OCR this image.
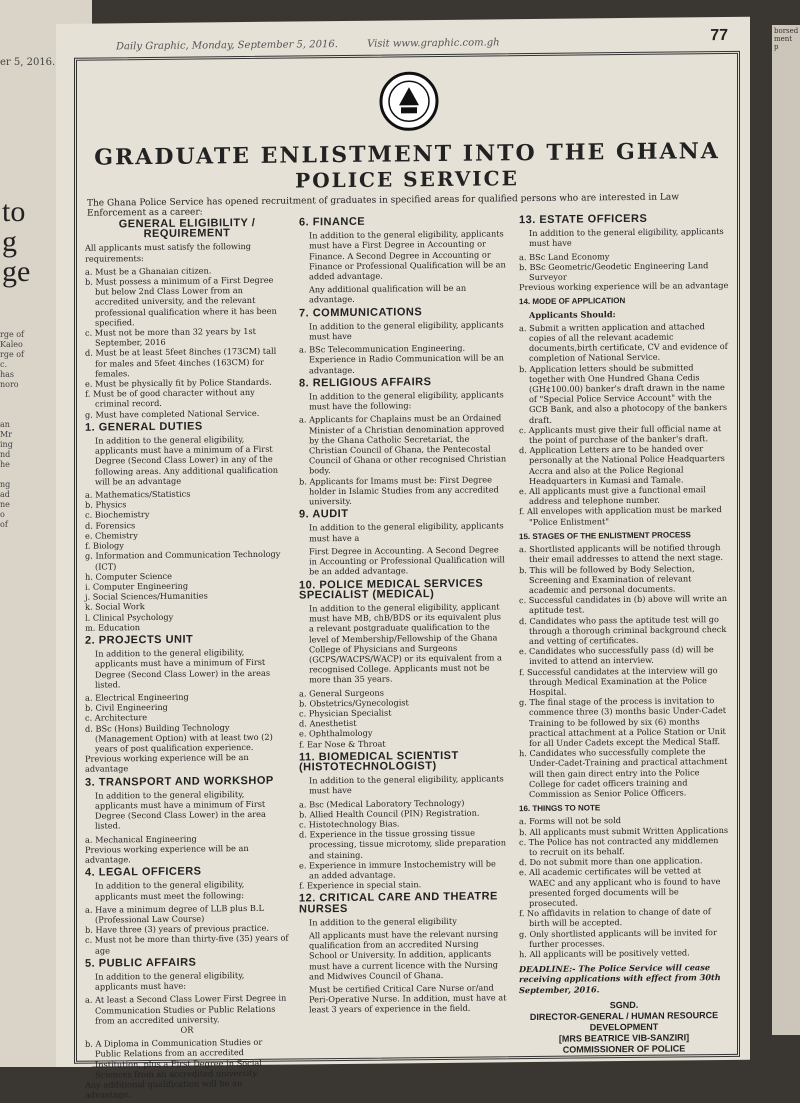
er 5, 2016.
to
g
ge
rge of
Kaleo
rge of
c.
has
noro
an
Mr
ing
nd
he
ng
ad
ne
o
of
borsed ment p
Daily Graphic, Monday, September 5, 2016.	Visit www.graphic.com.gh	77
GRADUATE ENLISTMENT INTO THE GHANA
POLICE SERVICE
The Ghana Police Service has opened recruitment of graduates in specified areas for qualified persons who are interested in Law Enforcement as a career:
GENERAL ELIGIBILITY / REQUIREMENT

All applicants must satisfy the following requirements:

a. Must be a Ghanaian citizen.

b. Must possess a minimum of a First Degree but below 2nd Class Lower from an accredited university, and the relevant professional qualification where it has been specified.

c. Must not be more than 32 years by 1st September, 2016

d. Must be at least 5feet 8inches (173CM) tall for males and 5feet 4inches (163CM) for females.

e. Must be physically fit by Police Standards.

f. Must be of good character without any criminal record.

g. Must have completed National Service.

1. GENERAL DUTIES

In addition to the general eligibility, applicants must have a minimum of a First Degree (Second Class Lower) in any of the following areas. Any additional qualification will be an advantage

a. Mathematics/Statistics

b. Physics

c. Biochemistry

d. Forensics

e. Chemistry

f. Biology

g. Information and Communication Technology (ICT)

h. Computer Science

i. Computer Engineering

j. Social Sciences/Humanities

k. Social Work

l. Clinical Psychology

m. Education

2. PROJECTS UNIT

In addition to the general eligibility, applicants must have a minimum of First Degree (Second Class Lower) in the areas listed.

a. Electrical Engineering

b. Civil Engineering

c. Architecture

d. BSc (Hons) Building Technology (Management Option) with at least two (2) years of post qualification experience.

Previous working experience will be an advantage

3. TRANSPORT AND WORKSHOP

In addition to the general eligibility, applicants must have a minimum of First Degree (Second Class Lower) in the area listed.

a. Mechanical Engineering

Previous working experience will be an advantage.

4. LEGAL OFFICERS

In addition to the general eligibility, applicants must meet the following:

a. Have a minimum degree of LLB plus B.L (Professional Law Course)

b. Have three (3) years of previous practice.

c. Must not be more than thirty-five (35) years of age

5. PUBLIC AFFAIRS

In addition to the general eligibility, applicants must have:

a. At least a Second Class Lower First Degree in Communication Studies or Public Relations from an accredited university.

OR

b. A Diploma in Communication Studies or Public Relations from an accredited Institution, plus a First Degree in Social Sciences from an accredited university.

Any additional qualification will be an advantage.

6. FINANCE

In addition to the general eligibility, applicants must have a First Degree in Accounting or Finance. A Second Degree in Accounting or Finance or Professional Qualification will be an added advantage.

Any additional qualification will be an advantage.

7. COMMUNICATIONS

In addition to the general eligibility, applicants must have

a. BSc Telecommunication Engineering. Experience in Radio Communication will be an advantage.

8. RELIGIOUS AFFAIRS

In addition to the general eligibility, applicants must have the following:

a. Applicants for Chaplains must be an Ordained Minister of a Christian denomination approved by the Ghana Catholic Secretariat, the Christian Council of Ghana, the Pentecostal Council of Ghana or other recognised Christian body.

b. Applicants for Imams must be: First Degree holder in Islamic Studies from any accredited university.

9. AUDIT

In addition to the general eligibility, applicants must have a

First Degree in Accounting. A Second Degree in Accounting or Professional Qualification will be an added advantage.

10. POLICE MEDICAL SERVICES SPECIALIST (MEDICAL)

In addition to the general eligibility, applicant must have MB, chB/BDS or its equivalent plus a relevant postgraduate qualification to the level of Membership/Fellowship of the Ghana College of Physicians and Surgeons (GCPS/WACPS/WACP) or its equivalent from a recognised College. Applicants must not be more than 35 years.

a. General Surgeons

b. Obstetrics/Gynecologist

c. Physician Specialist

d. Anesthetist

e. Ophthalmology

f. Ear Nose & Throat

11. BIOMEDICAL SCIENTIST (HISTOTECHNOLOGIST)

In addition to the general eligibility, applicants must have

a. Bsc (Medical Laboratory Technology)

b. Allied Health Council (PIN) Registration.

c. Histotechnology Bias.

d. Experience in the tissue grossing tissue processing, tissue microtomy, slide preparation and staining.

e. Experience in immure Instochemistry will be an added advantage.

f. Experience in special stain.

12. CRITICAL CARE AND THEATRE NURSES

In addition to the general eligibility

All applicants must have the relevant nursing qualification from an accredited Nursing School or University. In addition, applicants must have a current licence with the Nursing and Midwives Council of Ghana.

Must be certified Critical Care Nurse or/and Peri-Operative Nurse. In addition, must have at least 3 years of experience in the field.

13. ESTATE OFFICERS

In addition to the general eligibility, applicants must have

a. BSc Land Economy

b. BSc Geometric/Geodetic Engineering Land Surveyor

Previous working experience will be an advantage

14. MODE OF APPLICATION

Applicants Should:

a. Submit a written application and attached copies of all the relevant academic documents,birth certificate, CV and evidence of completion of National Service.

b. Application letters should be submitted together with One Hundred Ghana Cedis (GH¢100.00) banker's draft drawn in the name of "Special Police Service Account" with the GCB Bank, and also a photocopy of the bankers draft.

c. Applicants must give their full official name at the point of purchase of the banker's draft.

d. Application Letters are to be handed over personally at the National Police Headquarters Accra and also at the Police Regional Headquarters in Kumasi and Tamale.

e. All applicants must give a functional email address and telephone number.

f. All envelopes with application must be marked "Police Enlistment"

15. STAGES OF THE ENLISTMENT PROCESS

a. Shortlisted applicants will be notified through their email addresses to attend the next stage.

b. This will be followed by Body Selection, Screening and Examination of relevant academic and personal documents.

c. Successful candidates in (b) above will write an aptitude test.

d. Candidates who pass the aptitude test will go through a thorough criminal background check and vetting of certificates.

e. Candidates who successfully pass (d) will be invited to attend an interview.

f. Successful candidates at the interview will go through Medical Examination at the Police Hospital.

g. The final stage of the process is invitation to commence three (3) months basic Under-Cadet Training to be followed by six (6) months practical attachment at a Police Station or Unit for all Under Cadets except the Medical Staff.

h. Candidates who successfully complete the Under-Cadet-Training and practical attachment will then gain direct entry into the Police College for cadet officers training and Commission as Senior Police Officers.

16. THINGS TO NOTE

a. Forms will not be sold

b. All applicants must submit Written Applications

c. The Police has not contracted any middlemen to recruit on its behalf.

d. Do not submit more than one application.

e. All academic certificates will be vetted at WAEC and any applicant who is found to have presented forged documents will be prosecuted.

f. No affidavits in relation to change of date of birth will be accepted.

g. Only shortlisted applicants will be invited for further processes.

h. All applicants will be positively vetted.

DEADLINE:- The Police Service will cease receiving applications with effect from 30th September, 2016.

SGND.
DIRECTOR-GENERAL / HUMAN RESOURCE DEVELOPMENT
[MRS BEATRICE VIB-SANZIRI]
COMMISSIONER OF POLICE
